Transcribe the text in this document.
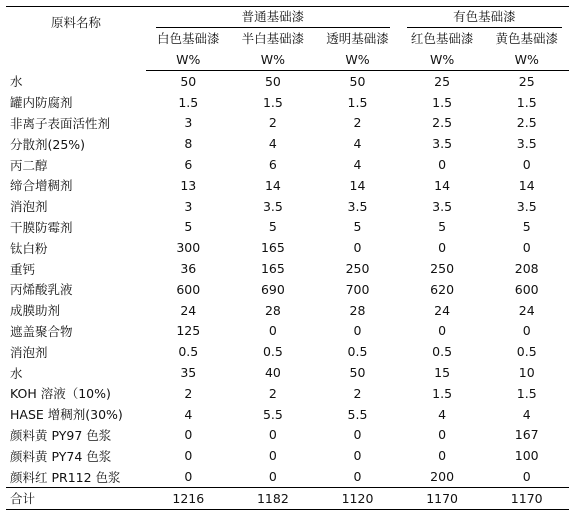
原料名称	普通基础漆			有色基础漆	
	白色基础漆	半白基础漆	透明基础漆	红色基础漆	黄色基础漆
	W%	W%	W%	W%	W%
水	50	50	50	25	25
罐内防腐剂	1.5	1.5	1.5	1.5	1.5
非离子表面活性剂	3	2	2	2.5	2.5
分散剂(25%)	8	4	4	3.5	3.5
丙二醇	6	6	4	0	0
缔合增稠剂	13	14	14	14	14
消泡剂	3	3.5	3.5	3.5	3.5
干膜防霉剂	5	5	5	5	5
钛白粉	300	165	0	0	0
重钙	36	165	250	250	208
丙烯酸乳液	600	690	700	620	600
成膜助剂	24	28	28	24	24
遮盖聚合物	125	0	0	0	0
消泡剂	0.5	0.5	0.5	0.5	0.5
水	35	40	50	15	10
KOH 溶液（10%)	2	2	2	1.5	1.5
HASE 增稠剂(30%)	4	5.5	5.5	4	4
颜料黄 PY97 色浆	0	0	0	0	167
颜料黄 PY74 色浆	0	0	0	0	100
颜料红 PR112 色浆	0	0	0	200	0
合计	1216	1182	1120	1170	1170
